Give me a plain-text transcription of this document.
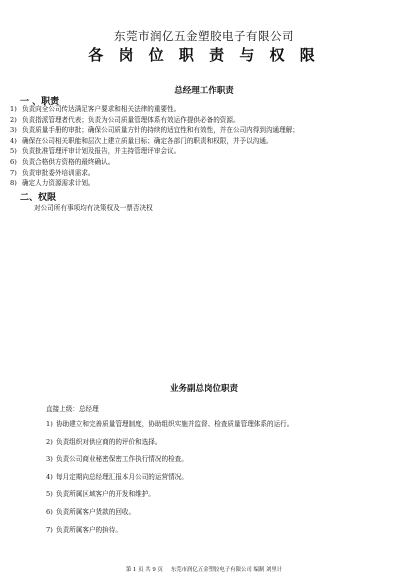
东莞市润亿五金塑胶电子有限公司
各 岗 位 职 责 与 权 限
总经理工作职责
一 、职责
1) 负责向全公司传达满足客户要求和相关法律的重要性。
2) 负责指派管理者代表；负责为公司质量管理体系有效运作提供必备的资源。
3) 负责质量手册的审批；确保公司质量方针的持续的适宜性和有效性，并在公司内得到沟通理解；
4) 确保在公司相关职能和层次上建立质量目标；确定各部门的职责和权限，并予以沟通。
5) 负责批准管理评审计划及报告，并主持管理评审会议。
6) 负责合格供方资格的最终确认。
7) 负责审批委外培训需求。
8) 确定人力资源需求计划。
二、权限
对公司所有事项均有决策权及一票否决权
业务副总岗位职责
直接上级：总经理
1) 协助建立和完善质量管理制度，协助组织实施并监督、检查质量管理体系的运行。
2) 负责组织对供应商的的评价和选择。
3) 负责公司商业秘密保密工作执行情况的检查。
4) 每月定期向总经理汇报本月公司的运营情况。
5) 负责所属区域客户的开发和维护。
6) 负责所属客户货款的回收。
7) 负责所属客户的拚待。
第 1 页 共 9 页 东莞市润亿五金塑胶电子有限公司 编制 刘里计
